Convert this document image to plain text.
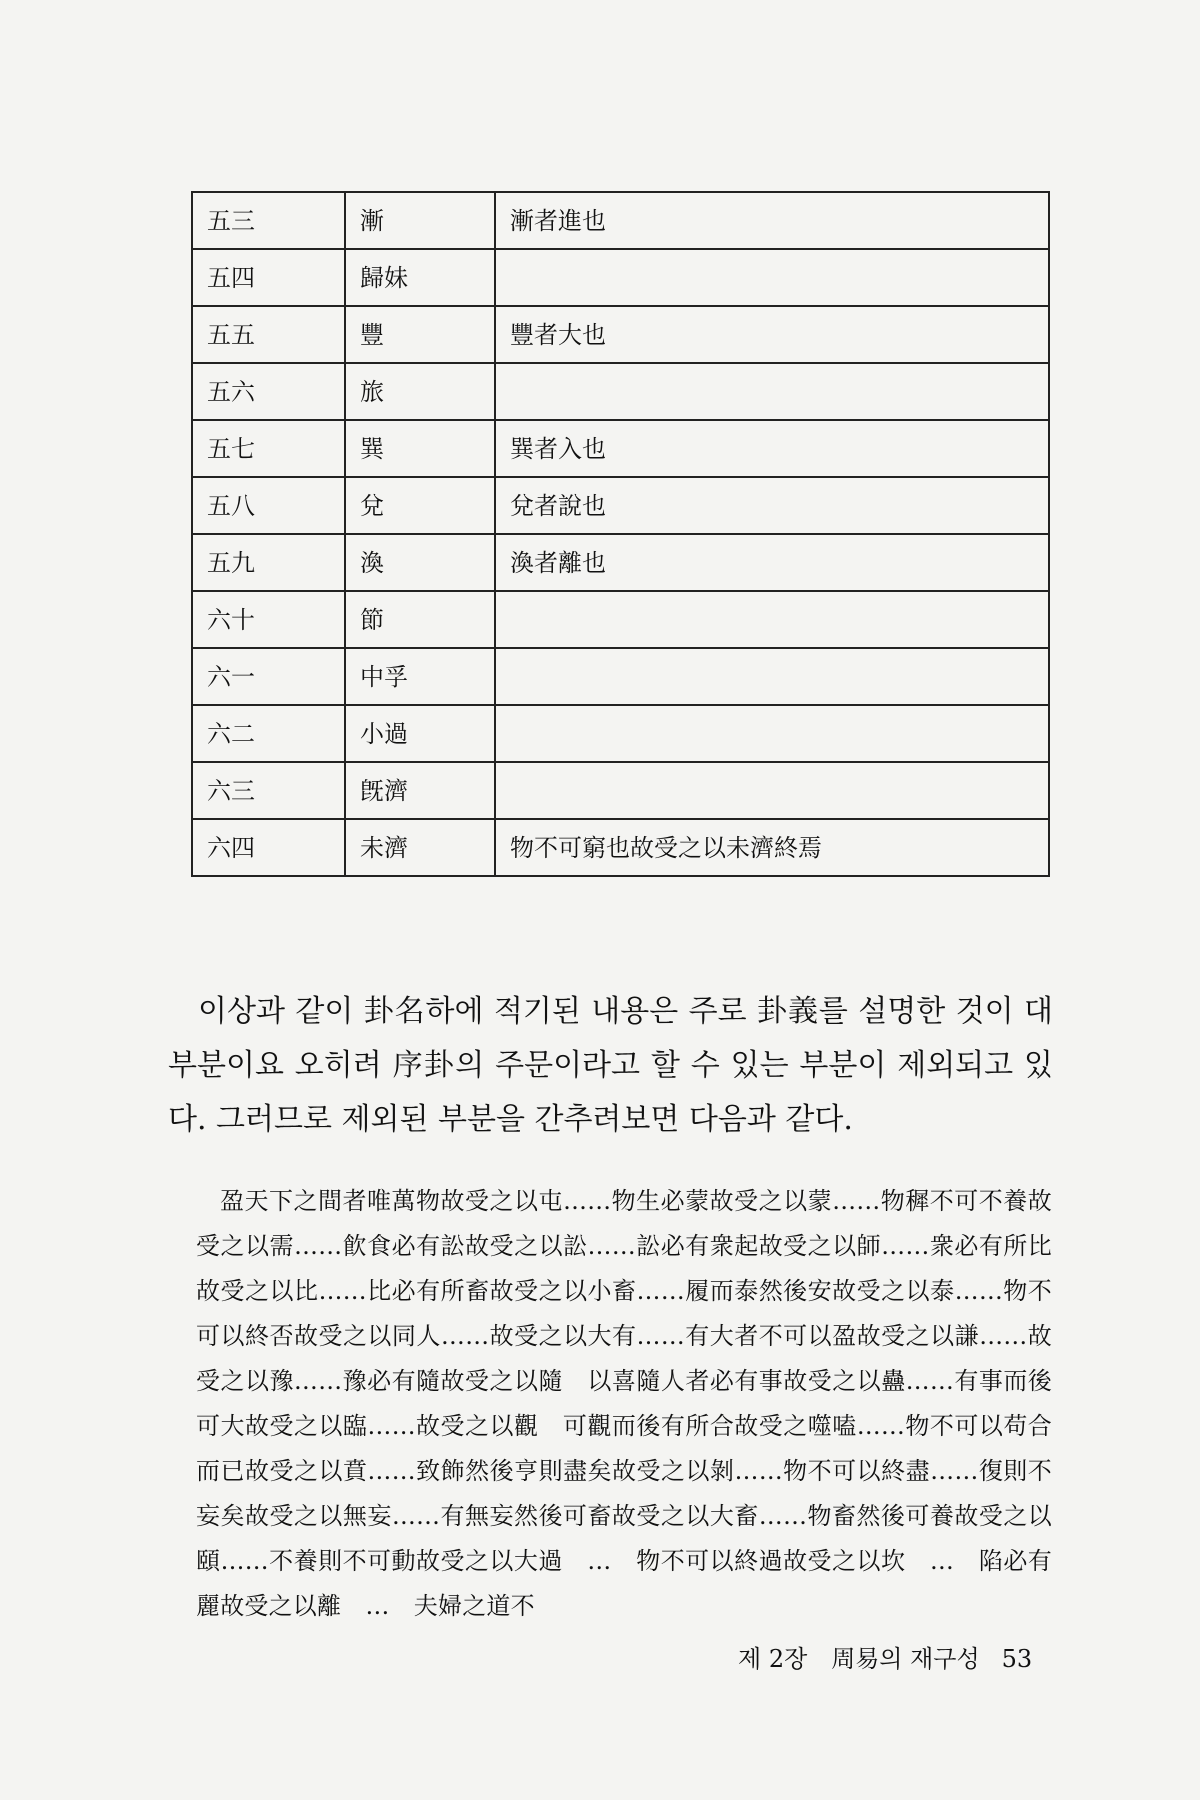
五三	漸	漸者進也
五四	歸妹	
五五	豐	豐者大也
五六	旅	
五七	巽	巽者入也
五八	兌	兌者說也
五九	渙	渙者離也
六十	節	
六一	中孚	
六二	小過	
六三	旣濟	
六四	未濟	物不可窮也故受之以未濟終焉

이상과 같이 卦名하에 적기된 내용은 주로 卦義를 설명한 것이 대부분이요 오히려 序卦의 주문이라고 할 수 있는 부분이 제외되고 있다. 그러므로 제외된 부분을 간추려보면 다음과 같다.

盈天下之間者唯萬物故受之以屯……物生必蒙故受之以蒙……物穉不可不養故受之以需……飮食必有訟故受之以訟……訟必有衆起故受之以師……衆必有所比故受之以比……比必有所畜故受之以小畜……履而泰然後安故受之以泰……物不可以終否故受之以同人……故受之以大有……有大者不可以盈故受之以謙……故受之以豫……豫必有隨故受之以隨　以喜隨人者必有事故受之以蠱……有事而後可大故受之以臨……故受之以觀　可觀而後有所合故受之噬嗑……物不可以苟合而已故受之以賁……致飾然後亨則盡矣故受之以剝……物不可以終盡……復則不妄矣故受之以無妄……有無妄然後可畜故受之以大畜……物畜然後可養故受之以頤……不養則不可動故受之以大過　…　物不可以終過故受之以坎　…　陷必有麗故受之以離　…　夫婦之道不

제 2장　周易의 재구성 53
